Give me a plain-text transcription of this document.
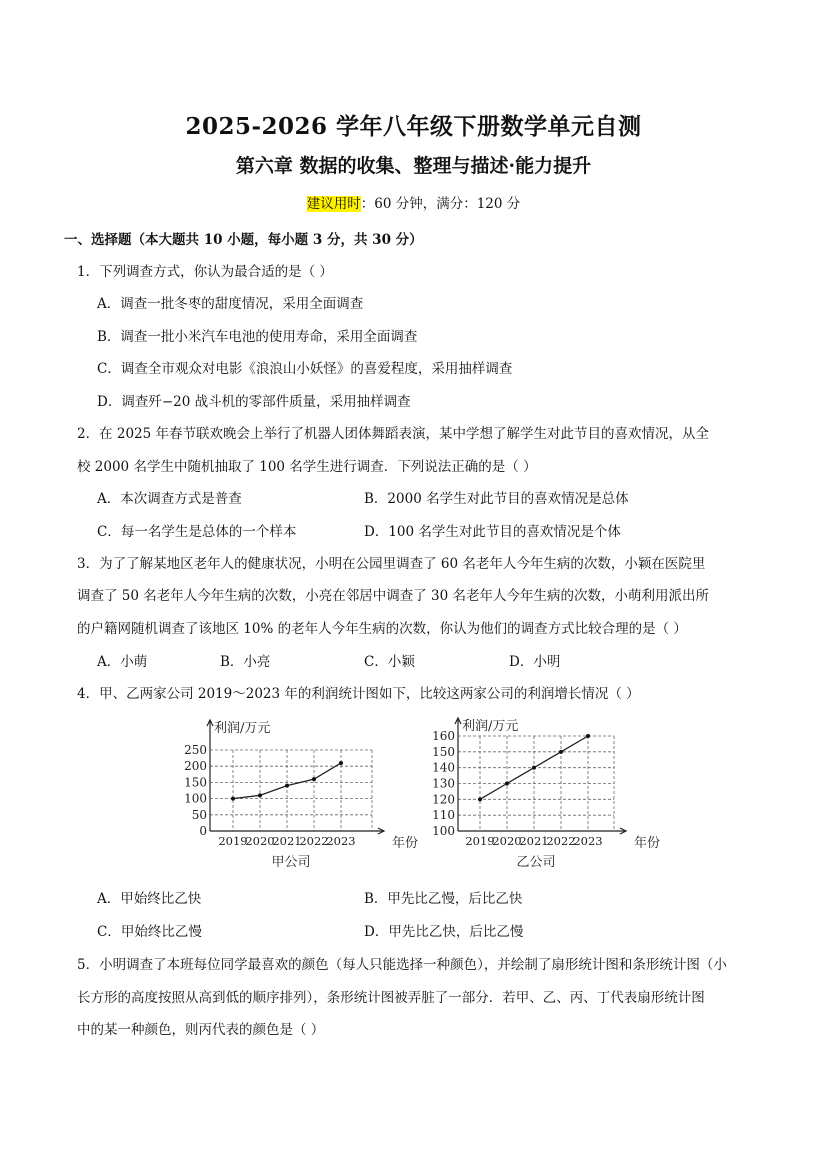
2025-2026 学年八年级下册数学单元自测
第六章 数据的收集、整理与描述·能力提升
建议用时：60 分钟，满分：120 分
一、选择题（本大题共 10 小题，每小题 3 分，共 30 分）
1．下列调查方式，你认为最合适的是（ ）
A．调查一批冬枣的甜度情况，采用全面调查
B．调查一批小米汽车电池的使用寿命，采用全面调查
C．调查全市观众对电影《浪浪山小妖怪》的喜爱程度，采用抽样调查
D．调查歼−20 战斗机的零部件质量，采用抽样调查
2．在 2025 年春节联欢晚会上举行了机器人团体舞蹈表演，某中学想了解学生对此节目的喜欢情况，从全
校 2000 名学生中随机抽取了 100 名学生进行调查．下列说法正确的是（ ）
A．本次调查方式是普查	B．2000 名学生对此节目的喜欢情况是总体
C．每一名学生是总体的一个样本	D．100 名学生对此节目的喜欢情况是个体
3．为了了解某地区老年人的健康状况，小明在公园里调查了 60 名老年人今年生病的次数，小颖在医院里
调查了 50 名老年人今年生病的次数，小亮在邻居中调查了 30 名老年人今年生病的次数，小萌利用派出所
的户籍网随机调查了该地区 10% 的老年人今年生病的次数，你认为他们的调查方式比较合理的是（ ）
A．小萌	B．小亮	C．小颖	D．小明
4．甲、乙两家公司 2019～2023 年的利润统计图如下，比较这两家公司的利润增长情况（ ）
0
50
100
150
200
250
利润/万元
年份
2019
2020
2021
2022
2023
甲公司
100
110
120
130
140
150
160
利润/万元
年份
2019
2020
2021
2022
2023
乙公司
A．甲始终比乙快	B．甲先比乙慢，后比乙快
C．甲始终比乙慢	D．甲先比乙快，后比乙慢
5．小明调查了本班每位同学最喜欢的颜色（每人只能选择一种颜色），并绘制了扇形统计图和条形统计图（小
长方形的高度按照从高到低的顺序排列），条形统计图被弄脏了一部分．若甲、乙、丙、丁代表扇形统计图
中的某一种颜色，则丙代表的颜色是（ ）
